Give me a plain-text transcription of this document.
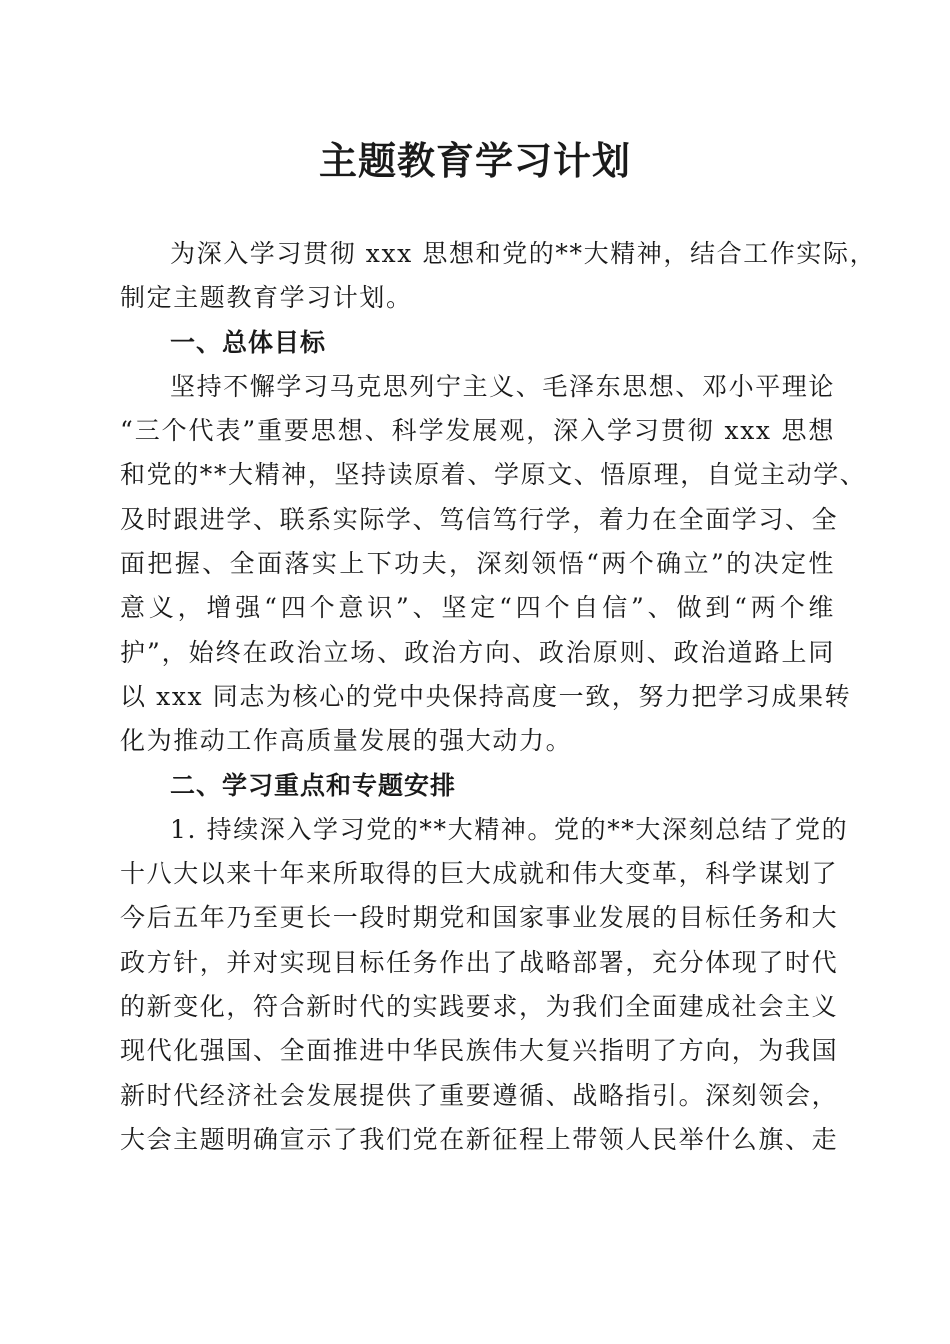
主题教育学习计划
为深入学习贯彻 xxx 思想和党的**大精神，结合工作实际，
制定主题教育学习计划。
一、总体目标
坚持不懈学习马克思列宁主义、毛泽东思想、邓小平理论
“三个代表”重要思想、科学发展观，深入学习贯彻 xxx 思想
和党的**大精神，坚持读原着、学原文、悟原理，自觉主动学、
及时跟进学、联系实际学、笃信笃行学，着力在全面学习、全
面把握、全面落实上下功夫，深刻领悟“两个确立”的决定性
意义，增强“四个意识”、坚定“四个自信”、做到“两个维
护”，始终在政治立场、政治方向、政治原则、政治道路上同
以 xxx 同志为核心的党中央保持高度一致，努力把学习成果转
化为推动工作高质量发展的强大动力。
二、学习重点和专题安排
1. 持续深入学习党的**大精神。党的**大深刻总结了党的
十八大以来十年来所取得的巨大成就和伟大变革，科学谋划了
今后五年乃至更长一段时期党和国家事业发展的目标任务和大
政方针，并对实现目标任务作出了战略部署，充分体现了时代
的新变化，符合新时代的实践要求，为我们全面建成社会主义
现代化强国、全面推进中华民族伟大复兴指明了方向，为我国
新时代经济社会发展提供了重要遵循、战略指引。深刻领会，
大会主题明确宣示了我们党在新征程上带领人民举什么旗、走
